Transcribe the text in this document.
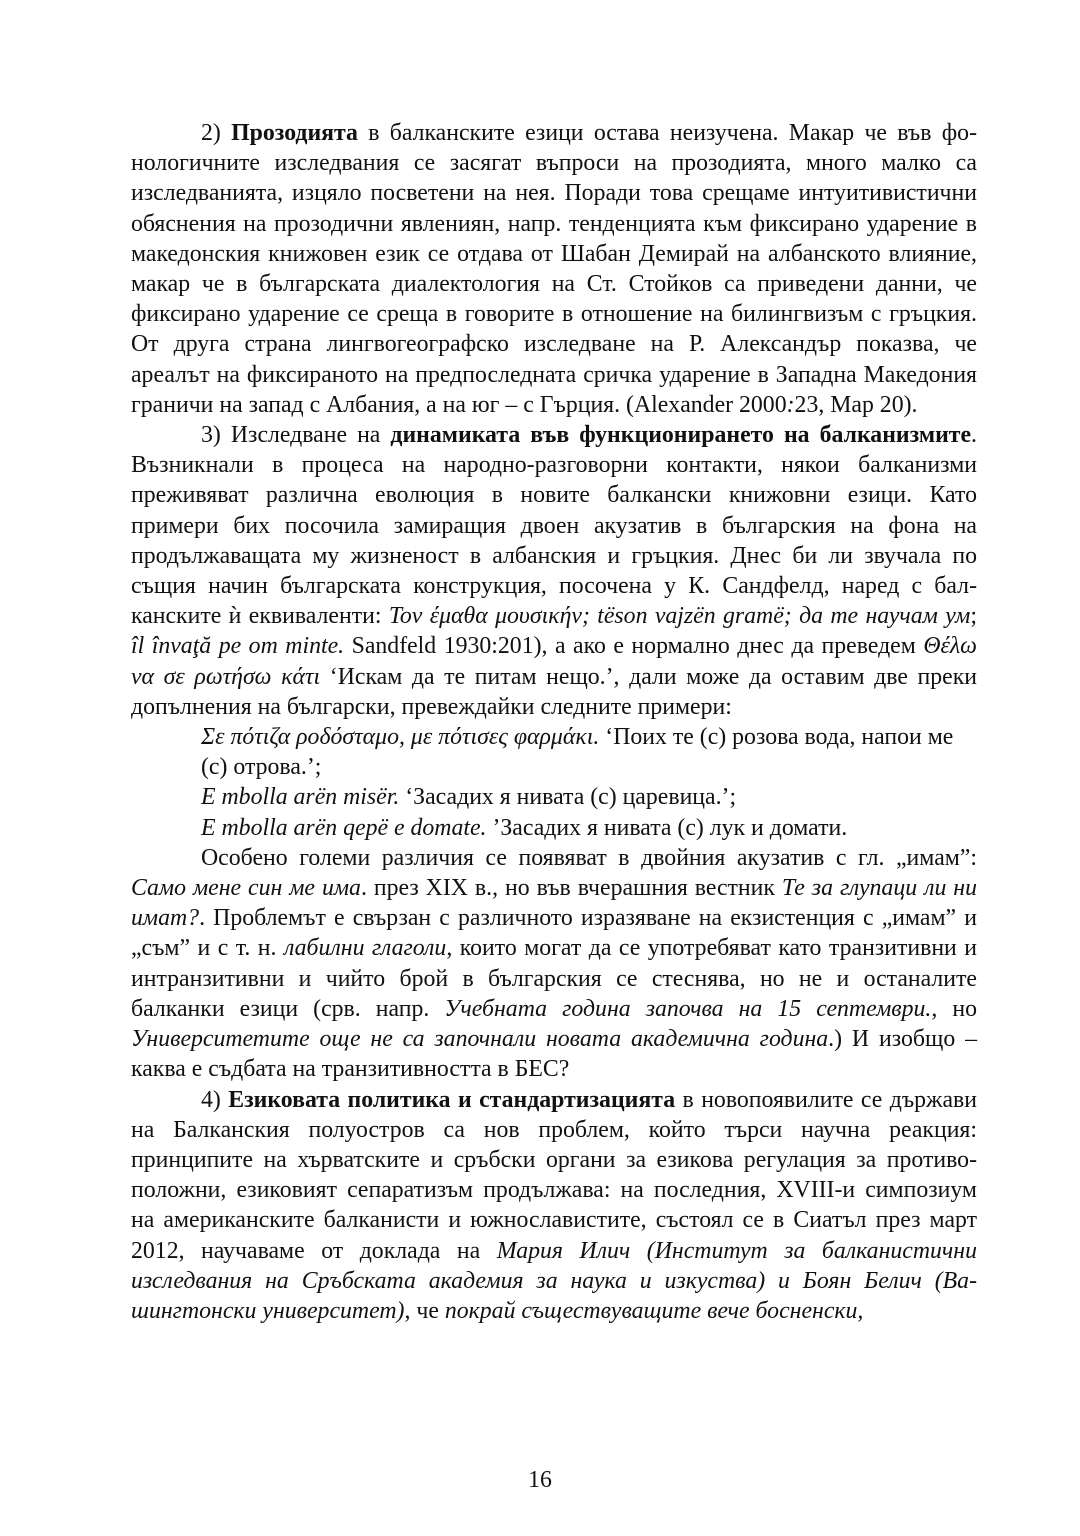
2) Прозодията в балканските езици остава неизучена. Макар че във фонологичните изследвания се засягат въпроси на прозодията, много малко са изследванията, изцяло посветени на нея. Поради това срещаме интуитивистични обяснения на прозодични явлениян, напр. тенденцията към фиксирано ударение в македонския книжовен език се отдава от Шабан Демирай на албанското влияние, макар че в българската диалектология на Ст. Стойков са приведени данни, че фиксирано ударение се среща в говорите в отношение на билингвизъм с гръцкия. От друга страна лингвогеографско изследване на Р. Александър показва, че ареалът на фиксираното на предпоследната сричка ударение в Западна Македония граничи на запад с Албания, а на юг – с Гърция. (Alexander 2000:23, Map 20).

3) Изследване на динамиката във функционирането на балканизмите. Възникнали в процеса на народно-разговорни контакти, някои балканизми преживяват различна еволюция в новите балкански книжовни езици. Като примери бих посочила замиращия двоен акузатив в българския на фона на продължаващата му жизненост в албанския и гръцкия. Днес би ли звучала по същия начин българската конструкция, посочена у К. Сандфелд, наред с балканските ѝ еквиваленти: Τον έμαθα μουσικήν; tëson vajzën gramë; да те научам ум; îl învaţă pe от minte. Sandfeld 1930:201), а ако е нормално днес да преведем Θέλω να σε ρωτήσω κάτι ‘Искам да те питам нещо.’, дали може да оставим две преки допълнения на български, превеждайки следните примери:

Σε πότιζα ροδόσταμο, με πότισες φαρμάκι. ‘Поих те (с) розова вода, напои ме (с) отрова.’;

E mbolla arën misër. ‘Засадих я нивата (с) царевица.’;

E mbolla arën qepë e domate. ’Засадих я нивата (с) лук и домати.

Особено големи различия се появяват в двойния акузатив с гл. „имам”: Само мене син ме има. през XIX в., но във вчерашния вестник Те за глупаци ли ни имат?. Проблемът е свързан с различното изразяване на екзистенция с „имам” и „съм” и с т. н. лабилни глаголи, които могат да се употребяват като транзитивни и интранзитивни и чийто брой в българския се стеснява, но не и останалите балканки езици (срв. напр. Учебната година започва на 15 септември., но Университетите още не са започнали новата академична година.) И изобщо – каква е съдбата на транзитивността в БЕС?

4) Езиковата политика и стандартизацията в новопоявилите се държави на Балканския полуостров са нов проблем, който търси научна реакция: принципите на хърватските и сръбски органи за езикова регулация за противоположни, езиковият сепаратизъм продължава: на последния, XVIII-и симпозиум на американските балканисти и южнославистите, състоял се в Сиатъл през март 2012, научаваме от доклада на Мария Илич (Институт за балканистични изследвания на Сръбската академия за наука и изкуства) и Боян Белич (Вашингтонски университет), че покрай съществуващите вече босненски,

16
